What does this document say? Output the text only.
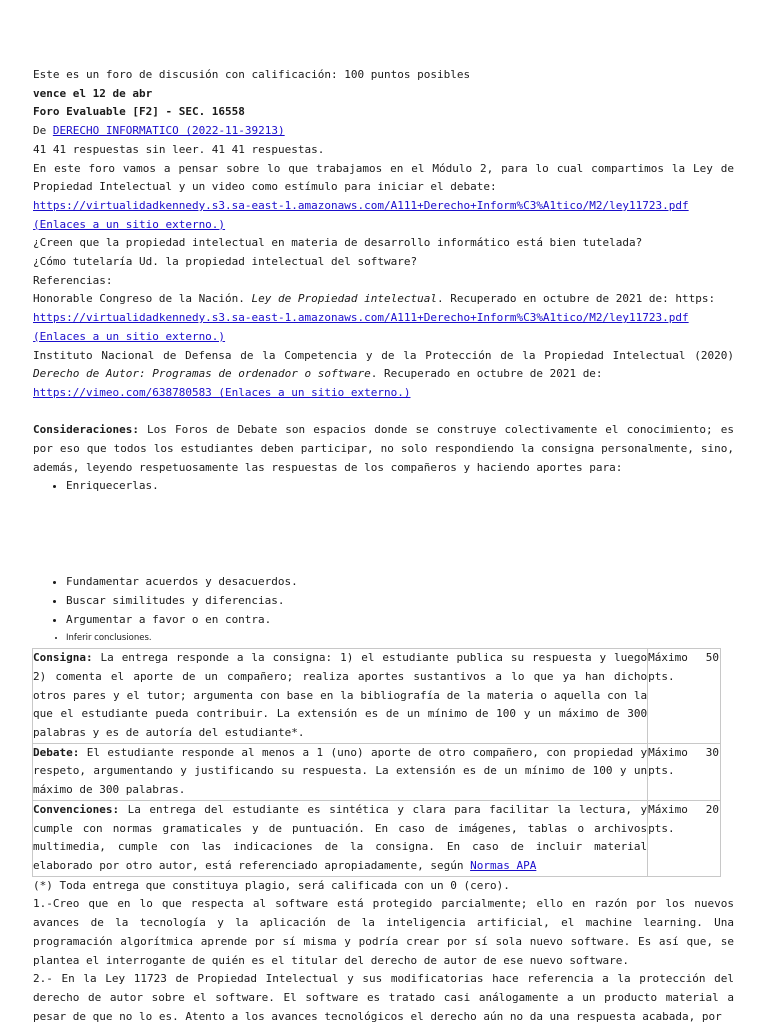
Este es un foro de discusión con calificación: 100 puntos posibles

vence el 12 de abr

Foro Evaluable [F2] - SEC. 16558

De DERECHO INFORMATICO (2022-11-39213)

41 41 respuestas sin leer. 41 41 respuestas.

En este foro vamos a pensar sobre lo que trabajamos en el Módulo 2, para lo cual compartimos la Ley de Propiedad Intelectual y un video como estímulo para iniciar el debate:

https://virtualidadkennedy.s3.sa-east-1.amazonaws.com/A111+Derecho+Inform%C3%A1tico/M2/ley11723.pdf (Enlaces a un sitio externo.)

¿Creen que la propiedad intelectual en materia de desarrollo informático está bien tutelada?

¿Cómo tutelaría Ud. la propiedad intelectual del software?

Referencias:

Honorable Congreso de la Nación. Ley de Propiedad intelectual. Recuperado en octubre de 2021 de: https:

https://virtualidadkennedy.s3.sa-east-1.amazonaws.com/A111+Derecho+Inform%C3%A1tico/M2/ley11723.pdf (Enlaces a un sitio externo.)

Instituto Nacional de Defensa de la Competencia y de la Protección de la Propiedad Intelectual (2020) Derecho de Autor: Programas de ordenador o software. Recuperado en octubre de 2021 de:

https://vimeo.com/638780583 (Enlaces a un sitio externo.)

Consideraciones: Los Foros de Debate son espacios donde se construye colectivamente el conocimiento; es por eso que todos los estudiantes deben participar, no solo respondiendo la consigna personalmente, sino, además, leyendo respetuosamente las respuestas de los compañeros y haciendo aportes para:

• Enriquecerlas.
• Fundamentar acuerdos y desacuerdos.
• Buscar similitudes y diferencias.
• Argumentar a favor o en contra.
• Inferir conclusiones.
Consigna: La entrega responde a la consigna: 1) el estudiante publica su respuesta y luego 2) comenta el aporte de un compañero; realiza aportes sustantivos a lo que ya han dicho otros pares y el tutor; argumenta con base en la bibliografía de la materia o aquella con la que el estudiante pueda contribuir. La extensión es de un mínimo de 100 y un máximo de 300 palabras y es de autoría del estudiante*.	Máximo pts.
50

Debate: El estudiante responde al menos a 1 (uno) aporte de otro compañero, con propiedad y respeto, argumentando y justificando su respuesta. La extensión es de un mínimo de 100 y un máximo de 300 palabras.	Máximo pts.
30

Convenciones: La entrega del estudiante es sintética y clara para facilitar la lectura, y cumple con normas gramaticales y de puntuación. En caso de imágenes, tablas o archivos multimedia, cumple con las indicaciones de la consigna. En caso de incluir material elaborado por otro autor, está referenciado apropiadamente, según Normas APA	Máximo pts.
20

(*) Toda entrega que constituya plagio, será calificada con un 0 (cero).

1.-Creo que en lo que respecta al software está protegido parcialmente; ello en razón por los nuevos avances de la tecnología y la aplicación de la inteligencia artificial, el machine learning. Una programación algorítmica aprende por sí misma y podría crear por sí sola nuevo software. Es así que, se plantea el interrogante de quién es el titular del derecho de autor de ese nuevo software.

2.- En la Ley 11723 de Propiedad Intelectual y sus modificatorias hace referencia a la protección del derecho de autor sobre el software. El software es tratado casi análogamente a un producto material a pesar de que no lo es. Atento a los avances tecnológicos el derecho aún no da una respuesta acabada, por
